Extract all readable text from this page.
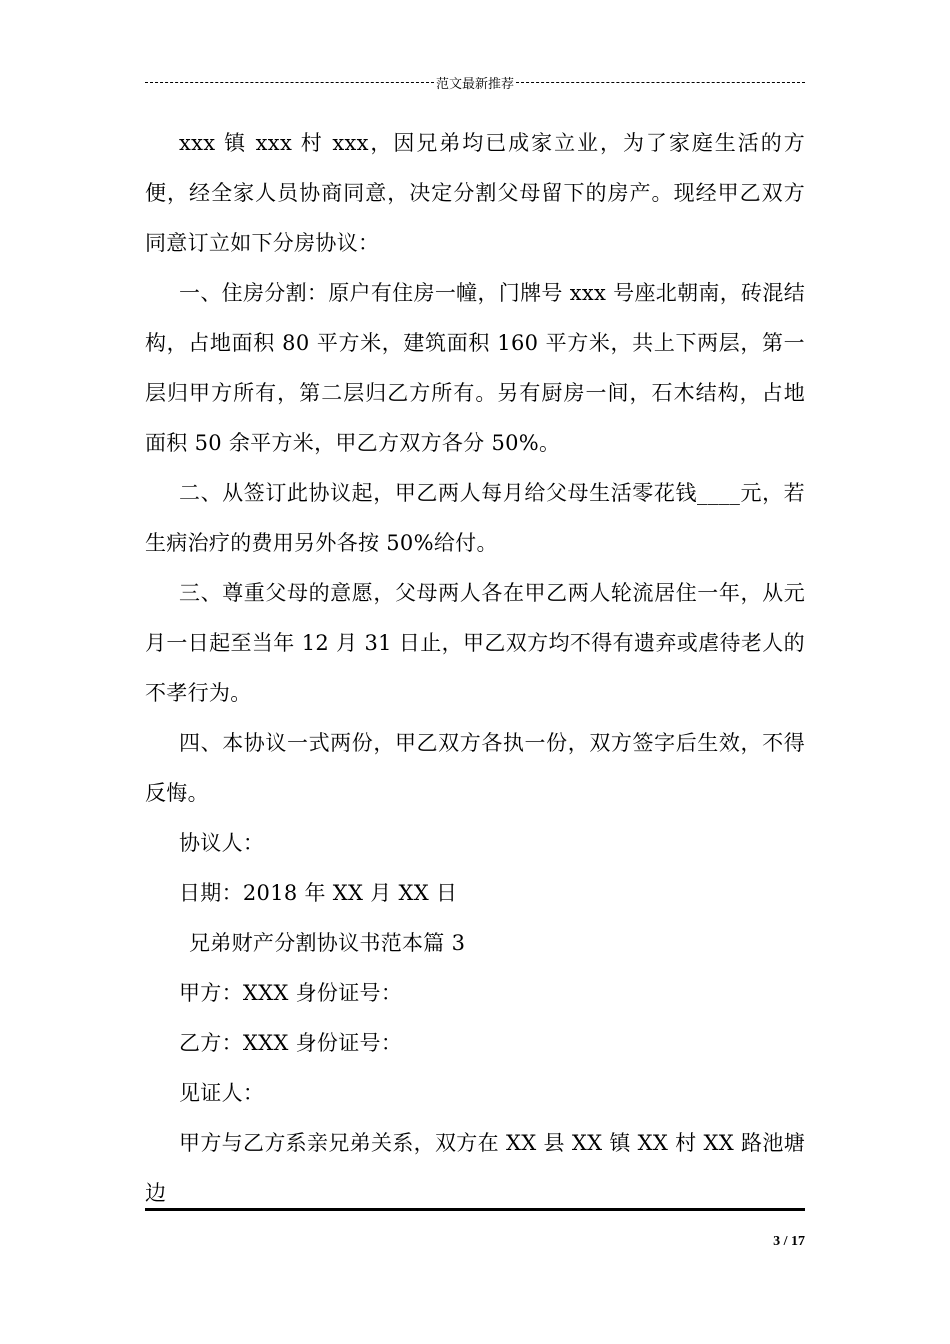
范文最新推荐

xxx 镇 xxx 村 xxx，因兄弟均已成家立业，为了家庭生活的方便，经全家人员协商同意，决定分割父母留下的房产。现经甲乙双方同意订立如下分房协议：

一、住房分割：原户有住房一幢，门牌号 xxx 号座北朝南，砖混结构，占地面积 80 平方米，建筑面积 160 平方米，共上下两层，第一层归甲方所有，第二层归乙方所有。另有厨房一间，石木结构，占地面积 50 余平方米，甲乙方双方各分 50%。

二、从签订此协议起，甲乙两人每月给父母生活零花钱____元，若生病治疗的费用另外各按 50%给付。

三、尊重父母的意愿，父母两人各在甲乙两人轮流居住一年，从元月一日起至当年 12 月 31 日止，甲乙双方均不得有遗弃或虐待老人的不孝行为。

四、本协议一式两份，甲乙双方各执一份，双方签字后生效，不得反悔。

协议人：

日期：2018 年 XX 月 XX 日

兄弟财产分割协议书范本篇 3

甲方：XXX 身份证号：

乙方：XXX 身份证号：

见证人：

甲方与乙方系亲兄弟关系，双方在 XX 县 XX 镇 XX 村 XX 路池塘边

3 / 17
